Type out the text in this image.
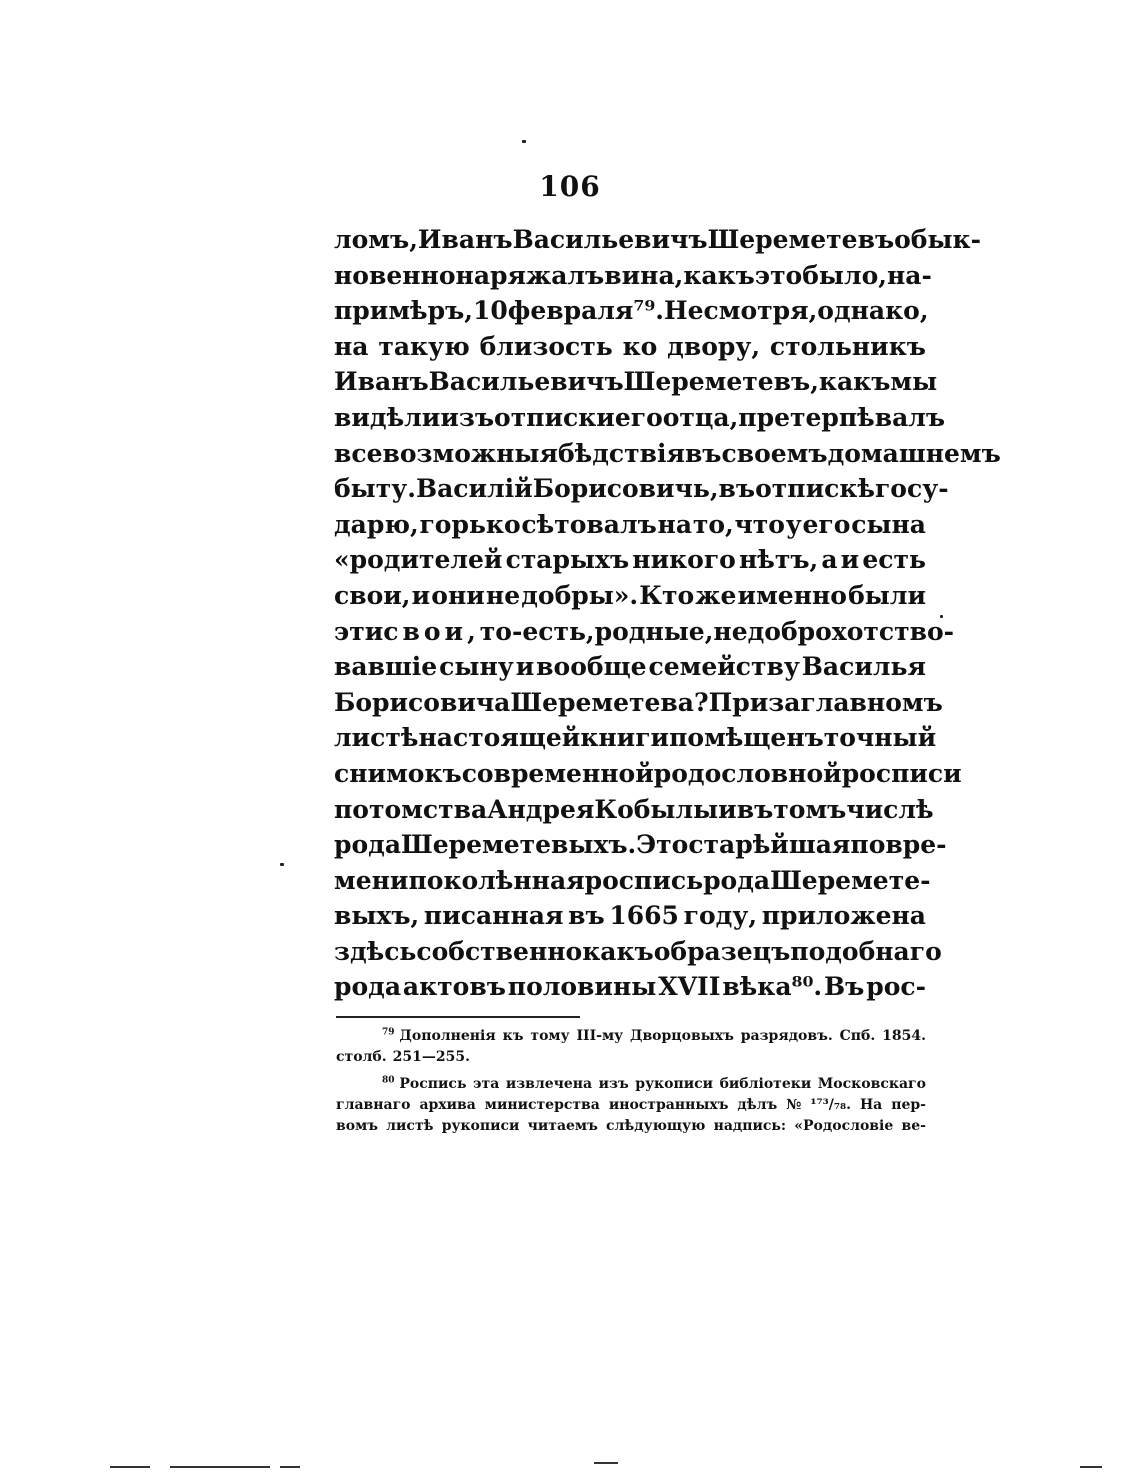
106
ломъ, Иванъ Васильевичъ Шереметевъ обык-
новенно наряжалъ вина, какъ это было, на-
примѣръ, 10 февраля⁷⁹. Не смотря, однако,
на такую близость ко двору, стольникъ
Иванъ Васильевичъ Шереметевъ, какъ мы
видѣли изъ отписки его отца, претерпѣвалъ
всевозможныя бѣдствія въ своемъ домашнемъ
быту. Василій Борисовичь, въ отпискѣ госу-
дарю, горько сѣтовалъ на то, что у его сына
«родителей старыхъ никого нѣтъ, а и есть
свои, и они не добры». Кто же именно были
эти свои, то-есть, родные, недоброхотство-
вавшіе сыну и вообще семейству Василья
Борисовича Шереметева? При заглавномъ
листѣ настоящей книги помѣщенъ точный
снимокъ современной родословной росписи
потомства Андрея Кобылы и въ томъ числѣ
рода Шереметевыхъ. Это старѣйшая по вре-
мени поколѣнная роспись рода Шереметe-
выхъ, писанная въ 1665 году, приложена
здѣсь собственно какъ образецъ подобнаго
рода актовъ половины XVII вѣка⁸⁰. Въ рос-
$^{79}$ Дополненія къ тому III-му Дворцовыхъ разрядовъ. Спб. 1854.
столб. 251—255.
$^{80}$ Роспись эта извлечена изъ рукописи библіотеки Московскаго
главнаго архива министерства иностранныхъ дѣлъ № ¹⁷³/₇₈. На пер-
вомъ листѣ рукописи читаемъ слѣдующую надпись: «Родословіе ве-
